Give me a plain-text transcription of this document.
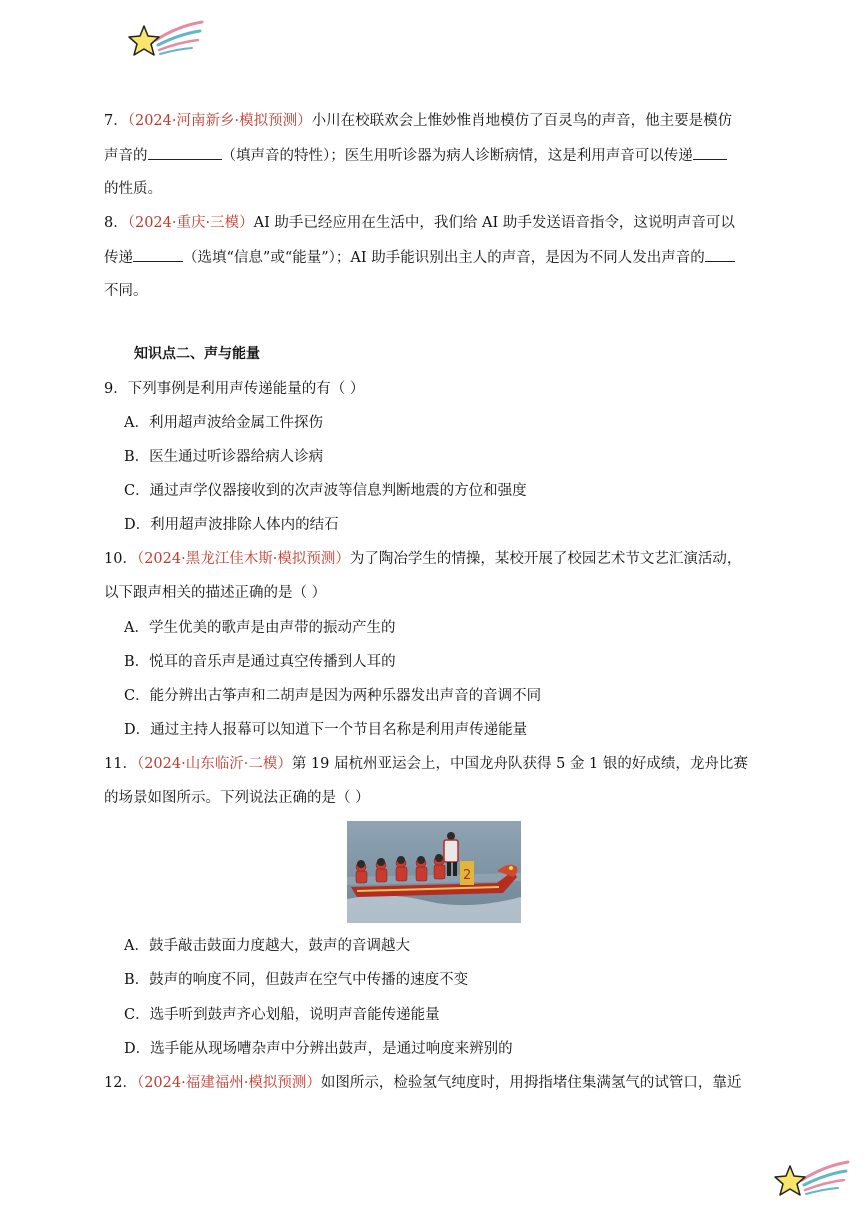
7．（2024·河南新乡·模拟预测）小川在校联欢会上惟妙惟肖地模仿了百灵鸟的声音，他主要是模仿
声音的	（填声音的特性）；医生用听诊器为病人诊断病情，这是利用声音可以传递
的性质。
8．（2024·重庆·三模）AI 助手已经应用在生活中，我们给 AI 助手发送语音指令，这说明声音可以
传递	（选填“信息”或“能量”）；AI 助手能识别出主人的声音，是因为不同人发出声音的
不同。
知识点二、声与能量
9．下列事例是利用声传递能量的有（ ）
A．利用超声波给金属工件探伤
B．医生通过听诊器给病人诊病
C．通过声学仪器接收到的次声波等信息判断地震的方位和强度
D．利用超声波排除人体内的结石
10．（2024·黑龙江佳木斯·模拟预测）为了陶冶学生的情操，某校开展了校园艺术节文艺汇演活动，
以下跟声相关的描述正确的是（ ）
A．学生优美的歌声是由声带的振动产生的
B．悦耳的音乐声是通过真空传播到人耳的
C．能分辨出古筝声和二胡声是因为两种乐器发出声音的音调不同
D．通过主持人报幕可以知道下一个节目名称是利用声传递能量
11．（2024·山东临沂·二模）第 19 届杭州亚运会上，中国龙舟队获得 5 金 1 银的好成绩，龙舟比赛
的场景如图所示。下列说法正确的是（ ）
2
A．鼓手敲击鼓面力度越大，鼓声的音调越大
B．鼓声的响度不同，但鼓声在空气中传播的速度不变
C．选手听到鼓声齐心划船，说明声音能传递能量
D．选手能从现场嘈杂声中分辨出鼓声，是通过响度来辨别的
12．（2024·福建福州·模拟预测）如图所示，检验氢气纯度时，用拇指堵住集满氢气的试管口，靠近
